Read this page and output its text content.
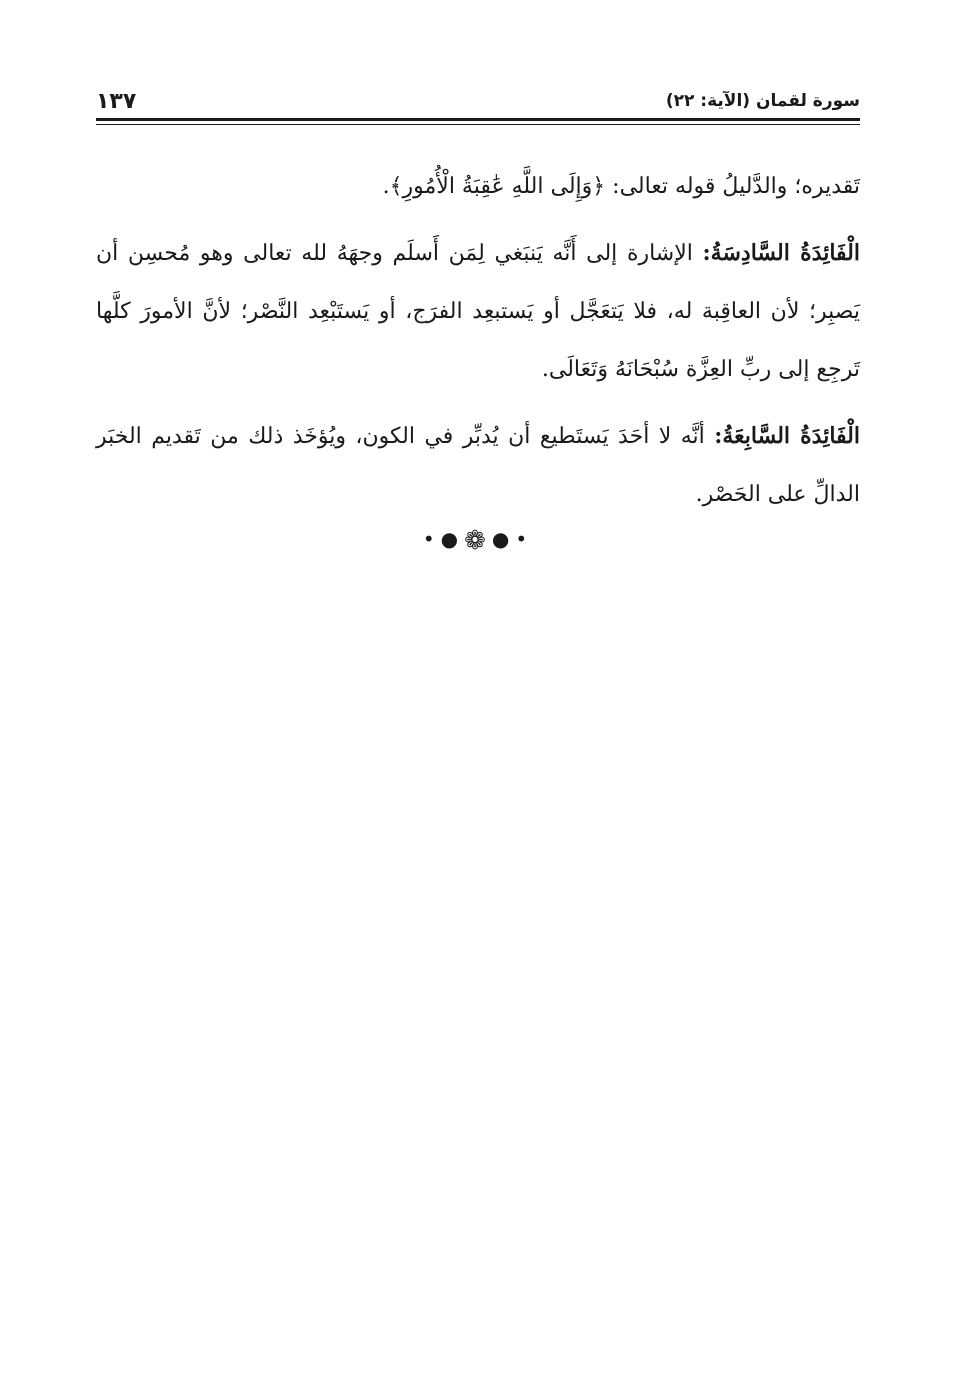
١٣٧	سورة لقمان (الآية: ٢٢)

تَقديره؛ والدَّليلُ قوله تعالى: ﴿وَإِلَى اللَّهِ عَٰقِبَةُ الْأُمُورِ﴾.

الْفَائِدَةُ السَّادِسَةُ: الإشارة إلى أَنَّه يَنبَغي لِمَن أَسلَم وجهَهُ لله تعالى وهو مُحسِن أن يَصبِر؛ لأن العاقِبة له، فلا يَتعَجَّل أو يَستبعِد الفرَج، أو يَستَبْعِد النَّصْر؛ لأنَّ الأمورَ كلَّها تَرجِع إلى ربِّ العِزَّة سُبْحَانَهُ وَتَعَالَى.

الْفَائِدَةُ السَّابِعَةُ: أنَّه لا أحَدَ يَستَطيع أن يُدبِّر في الكون، ويُؤخَذ ذلك من تَقديم الخبَر الدالِّ على الحَصْر.

•●❁●•
